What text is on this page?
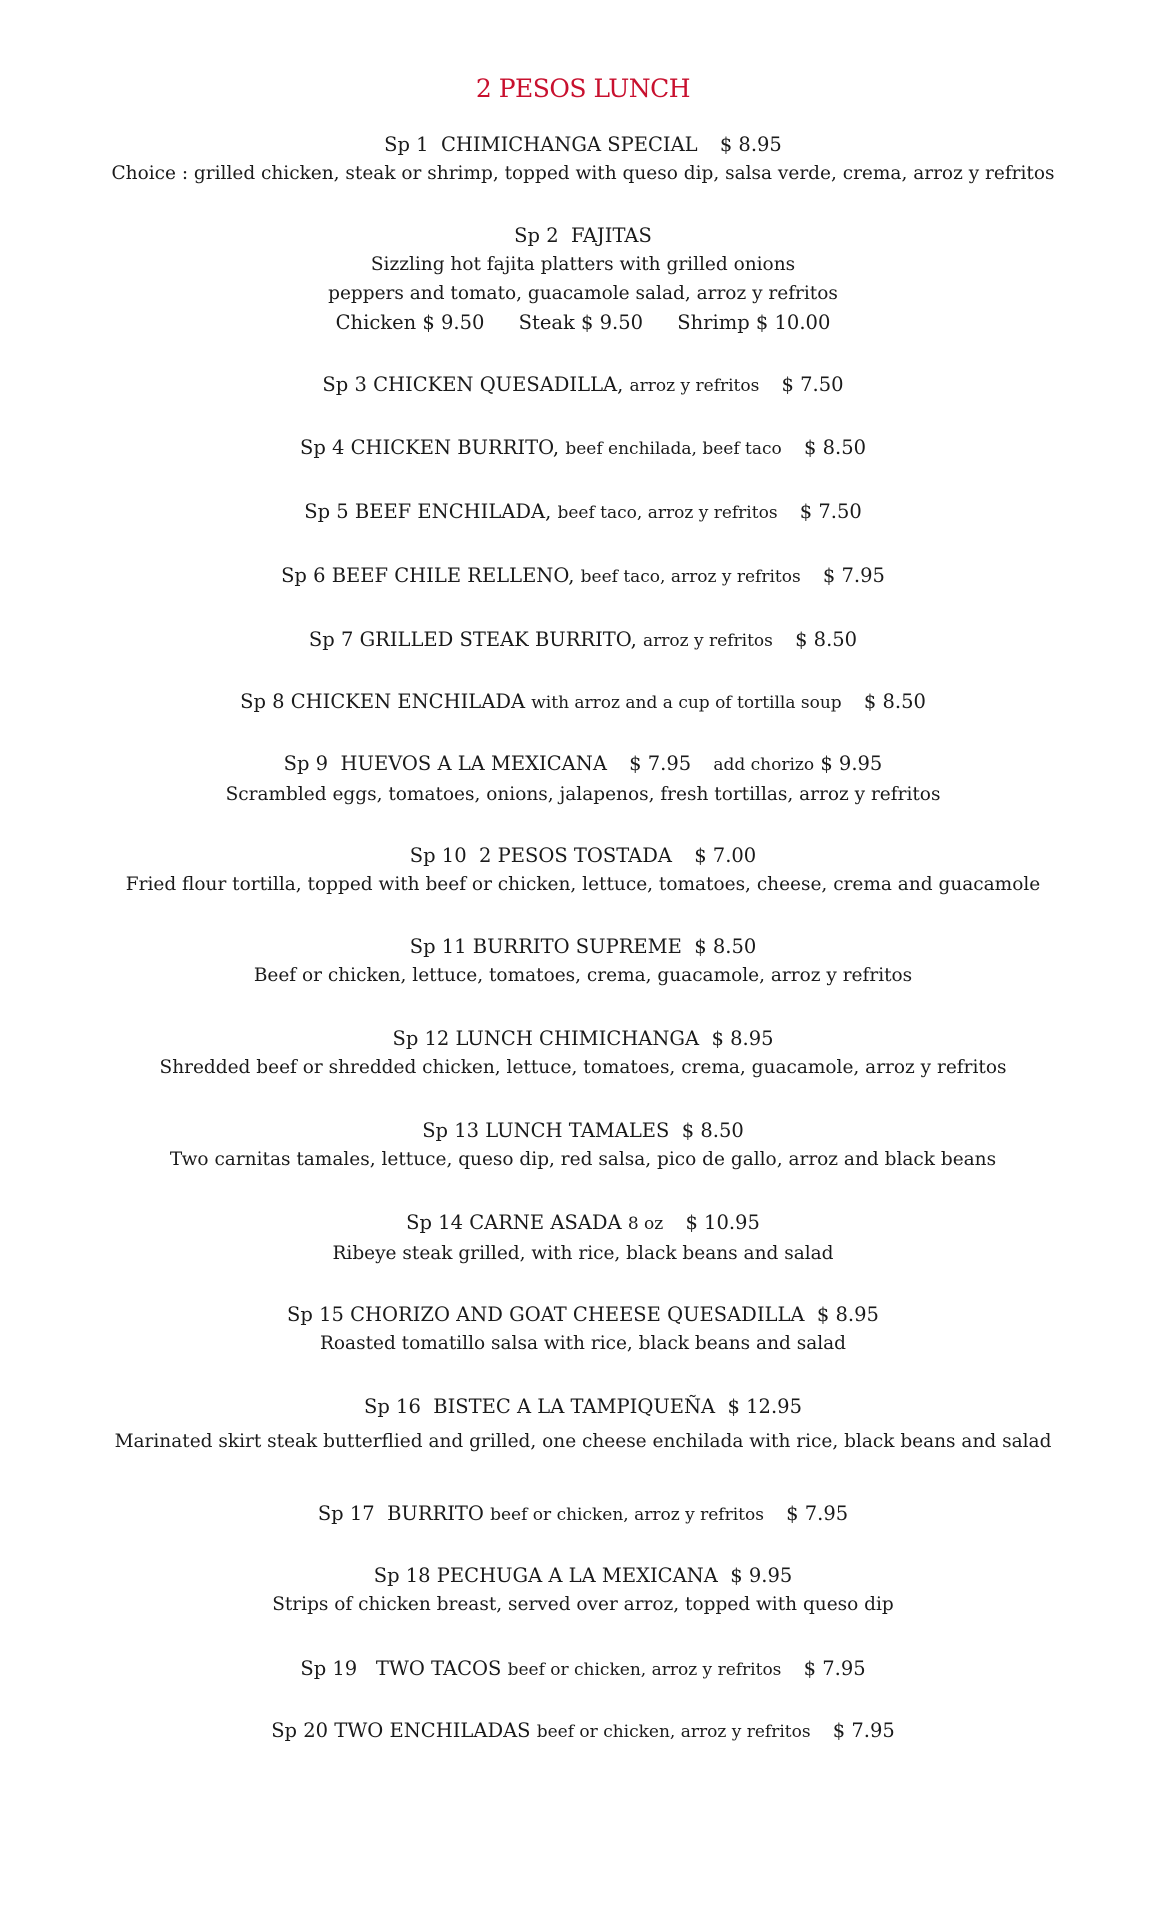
2 PESOS LUNCH
Sp 1 CHIMICHANGA SPECIAL $ 8.95
Choice : grilled chicken, steak or shrimp, topped with queso dip, salsa verde, crema, arroz y refritos
Sp 2 FAJITAS
Sizzling hot fajita platters with grilled onions
peppers and tomato, guacamole salad, arroz y refritos
Chicken $ 9.50 Steak $ 9.50 Shrimp $ 10.00
Sp 3 CHICKEN QUESADILLA, arroz y refritos $ 7.50
Sp 4 CHICKEN BURRITO, beef enchilada, beef taco $ 8.50
Sp 5 BEEF ENCHILADA, beef taco, arroz y refritos $ 7.50
Sp 6 BEEF CHILE RELLENO, beef taco, arroz y refritos $ 7.95
Sp 7 GRILLED STEAK BURRITO, arroz y refritos $ 8.50
Sp 8 CHICKEN ENCHILADA with arroz and a cup of tortilla soup $ 8.50
Sp 9 HUEVOS A LA MEXICANA $ 7.95 add chorizo $ 9.95
Scrambled eggs, tomatoes, onions, jalapenos, fresh tortillas, arroz y refritos
Sp 10 2 PESOS TOSTADA $ 7.00
Fried flour tortilla, topped with beef or chicken, lettuce, tomatoes, cheese, crema and guacamole
Sp 11 BURRITO SUPREME $ 8.50
Beef or chicken, lettuce, tomatoes, crema, guacamole, arroz y refritos
Sp 12 LUNCH CHIMICHANGA $ 8.95
Shredded beef or shredded chicken, lettuce, tomatoes, crema, guacamole, arroz y refritos
Sp 13 LUNCH TAMALES $ 8.50
Two carnitas tamales, lettuce, queso dip, red salsa, pico de gallo, arroz and black beans
Sp 14 CARNE ASADA 8 oz $ 10.95
Ribeye steak grilled, with rice, black beans and salad
Sp 15 CHORIZO AND GOAT CHEESE QUESADILLA $ 8.95
Roasted tomatillo salsa with rice, black beans and salad
Sp 16 BISTEC A LA TAMPIQUEÑA $ 12.95
Marinated skirt steak butterflied and grilled, one cheese enchilada with rice, black beans and salad
Sp 17 BURRITO beef or chicken, arroz y refritos $ 7.95
Sp 18 PECHUGA A LA MEXICANA $ 9.95
Strips of chicken breast, served over arroz, topped with queso dip
Sp 19 TWO TACOS beef or chicken, arroz y refritos $ 7.95
Sp 20 TWO ENCHILADAS beef or chicken, arroz y refritos $ 7.95
